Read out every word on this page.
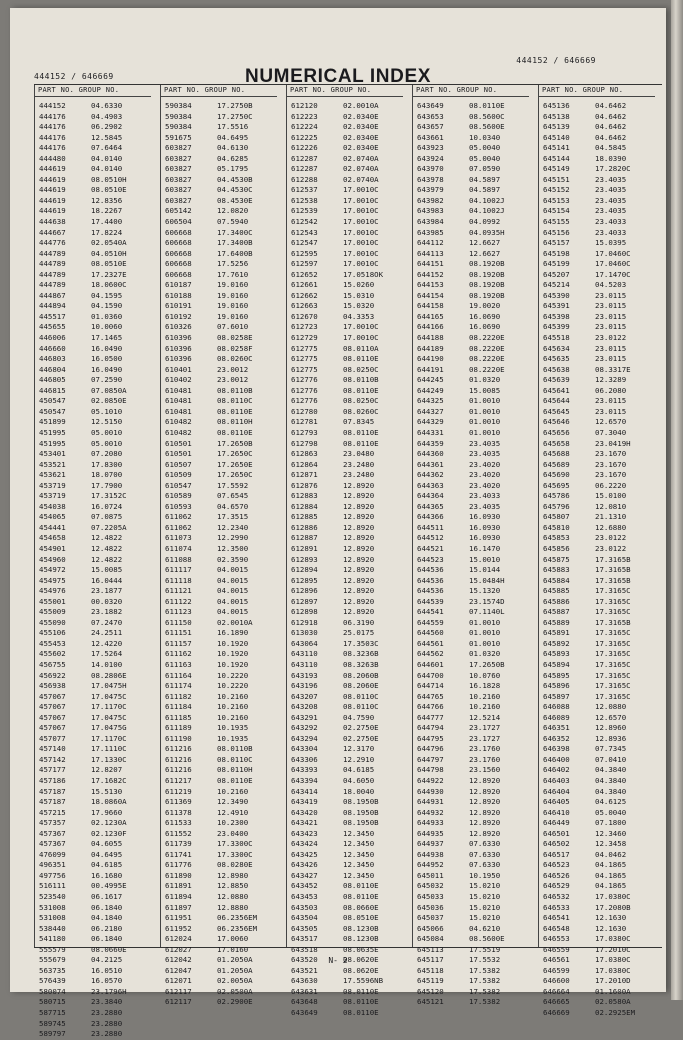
444152 / 646669
444152 / 646669
NUMERICAL INDEX
PART NO. GROUP NO.
444152	04.6330
444176	04.4903
444176	06.2902
444176	12.5845
444176	07.6464
444480	04.0140
444619	04.0140
444619	08.0510H
444619	08.0510E
444619	12.8356
444619	18.2267
444638	17.4400
444667	17.8224
444776	02.0540A
444789	04.0510H
444789	08.0510E
444789	17.2327E
444789	18.0600C
444867	04.1595
444894	04.1590
445517	01.0360
445655	10.0060
446006	17.1465
446660	16.0490
446803	16.0500
446804	16.0490
446805	07.2590
446815	07.0850A
450547	02.0850E
450547	05.1010
451899	12.5150
451995	05.0010
451995	05.0010
453401	07.2080
453521	17.8300
453621	18.0700
453719	17.7900
453719	17.3152C
454038	16.0724
454065	07.0875
454441	07.2205A
454658	12.4822
454901	12.4822
454960	12.4822
454972	15.0085
454975	16.0444
454976	23.1877
455001	00.0320
455009	23.1882
455090	07.2470
455106	24.2511
455453	12.4220
455602	17.5264
456755	14.0100
456922	08.2806E
456938	17.0475H
457067	17.0475C
457067	17.1170C
457067	17.0475C
457067	17.0475G
457077	17.1170C
457140	17.1110C
457142	17.1330C
457177	12.8207
457186	17.1682C
457187	15.5130
457187	18.0860A
457215	17.9660
457357	02.1230A
457367	02.1230F
457367	04.6055
476099	04.6495
496351	04.6185
497756	16.1680
516111	00.4995E
523540	06.1617
531008	06.1840
531008	04.1840
538440	06.2180
541180	06.1840
555579	08.0660E
555679	04.2125
563735	16.0510
576439	16.0570
580074	23.1796H
580715	23.3840
587715	23.2880
589745	23.2880
589797	23.2880
PART NO. GROUP NO.
590384	17.2750B
590384	17.2750C
590384	17.5516
591675	04.6495
603827	04.6130
603827	04.6285
603827	05.1795
603827	04.4530B
603827	04.4530C
603827	08.4530E
605142	12.0820
606504	07.5940
606668	17.3400C
606668	17.3400B
606668	17.6400B
606668	17.5256
606668	17.7610
610187	19.0160
610188	19.0160
610191	19.0160
610192	19.0160
610326	07.6010
610396	08.0258E
610396	08.0258F
610396	08.0260C
610401	23.0012
610402	23.0012
610481	08.0110B
610481	08.0110C
610481	08.0110E
610482	08.0110H
610482	08.0110E
610501	17.2650B
610501	17.2650C
610507	17.2650E
610509	17.2650C
610547	17.5592
610589	07.6545
610593	04.6570
611062	17.3515
611062	12.2340
611073	12.2990
611074	12.3500
611088	02.3590
611117	04.0015
611118	04.0015
611121	04.0015
611122	04.0015
611123	04.0015
611150	02.0010A
611151	16.1890
611157	10.1920
611162	10.1920
611163	10.1920
611164	10.2220
611174	10.2220
611182	10.2160
611184	10.2160
611185	10.2160
611189	10.1935
611190	10.1935
611216	08.0110B
611216	08.0110C
611216	08.0110H
611217	08.0110E
611219	10.2160
611369	12.3490
611378	12.4910
611533	10.2300
611552	23.0400
611739	17.3300C
611741	17.3300C
611776	08.0280E
611890	12.8980
611891	12.8850
611894	12.0880
611897	12.8880
611951	06.2356EM
611952	06.2356EM
612024	17.0060
612027	17.0160
612042	01.2050A
612047	01.2050A
612071	02.0050A
612117	02.0500A
612117	02.2900E
PART NO. GROUP NO.
612120	02.0010A
612223	02.0340E
612224	02.0340E
612225	02.0340E
612226	02.0340E
612287	02.0740A
612287	02.0740A
612288	02.0740A
612537	17.0010C
612538	17.0010C
612539	17.0010C
612542	17.0010C
612543	17.0010C
612547	17.0010C
612595	17.0010C
612597	17.0010C
612652	17.0518OK
612661	15.0260
612662	15.0310
612663	15.0320
612670	04.3353
612723	17.0010C
612729	17.0010C
612775	08.0110A
612775	08.0110E
612775	08.0250C
612776	08.0110B
612776	08.0110E
612776	08.0250C
612780	08.0260C
612781	07.8345
612793	08.0110E
612798	08.0110E
612863	23.0480
612864	23.2480
612871	23.2480
612876	12.8920
612883	12.8920
612884	12.8920
612885	12.8920
612886	12.8920
612887	12.8920
612891	12.8920
612893	12.8920
612894	12.8920
612895	12.8920
612896	12.8920
612897	12.8920
612898	12.8920
612918	06.3190
613030	25.0175
643064	17.3503C
643110	08.3236B
643110	08.3263B
643193	08.2060B
643196	08.2060E
643207	08.0110C
643208	08.0110C
643291	04.7590
643292	02.2750E
643294	02.2750E
643304	12.3170
643306	12.2910
643393	04.6185
643394	04.6050
643414	18.0040
643419	08.1950B
643420	08.1950B
643421	08.1950B
643423	12.3450
643424	12.3450
643425	12.3450
643426	12.3450
643427	12.3450
643452	08.0110E
643453	08.0110E
643503	08.0660E
643504	08.0510E
643505	08.1230B
643517	08.1230B
643518	08.0635E
643520	08.0620E
643521	08.0620E
643630	17.5596NB
643631	08.0110E
643648	08.0110E
643649	08.0110E
PART NO. GROUP NO.
643649	08.0110E
643653	08.5600C
643657	08.5600E
643661	10.0340
643923	05.0040
643924	05.0040
643970	07.0590
643978	04.5897
643979	04.5897
643982	04.1002J
643983	04.1002J
643984	04.0992
643985	04.0935H
644112	12.6627
644113	12.6627
644151	08.1920B
644152	08.1920B
644153	08.1920B
644154	08.1920B
644158	19.0020
644165	16.0690
644166	16.0690
644188	08.2220E
644189	08.2220E
644190	08.2220E
644191	08.2220E
644245	01.0320
644249	15.0085
644325	01.0010
644327	01.0010
644329	01.0010
644331	01.0010
644359	23.4035
644360	23.4035
644361	23.4020
644362	23.4020
644363	23.4020
644364	23.4033
644365	23.4035
644366	16.0930
644511	16.0930
644512	16.0930
644521	16.1470
644523	15.0010
644536	15.0144
644536	15.0484H
644536	15.1320
644539	23.1574D
644541	07.1140L
644559	01.0010
644560	01.0010
644561	01.0010
644562	01.0320
644601	17.2650B
644700	10.0760
644714	16.1828
644765	10.2160
644766	10.2160
644777	12.5214
644794	23.1727
644795	23.1727
644796	23.1760
644797	23.1760
644798	23.1560
644922	12.8920
644930	12.8920
644931	12.8920
644932	12.8920
644933	12.8920
644935	12.8920
644937	07.6330
644938	07.6330
644952	07.6330
645011	10.1950
645032	15.0210
645033	15.0210
645036	15.0210
645037	15.0210
645066	04.6210
645084	08.5600E
645113	17.5519
645117	17.5532
645118	17.5382
645119	17.5382
645120	17.5382
645121	17.5382
PART NO. GROUP NO.
645136	04.6462
645138	04.6462
645139	04.6462
645140	04.6462
645141	04.5845
645144	18.0390
645149	17.2820C
645151	23.4035
645152	23.4035
645153	23.4035
645154	23.4035
645155	23.4033
645156	23.4033
645157	15.0395
645198	17.0460C
645199	17.0460C
645207	17.1470C
645214	04.5203
645390	23.0115
645391	23.0115
645398	23.0115
645399	23.0115
645518	23.0122
645634	23.0115
645635	23.0115
645638	08.3317E
645639	12.3289
645641	06.2080
645644	23.0115
645645	23.0115
645646	12.6570
645656	07.3040
645658	23.0419H
645688	23.1670
645689	23.1670
645690	23.1670
645695	06.2220
645786	15.0100
645796	12.0810
645807	21.1310
645810	12.6880
645853	23.0122
645856	23.0122
645875	17.3165B
645883	17.3165B
645884	17.3165B
645885	17.3165C
645886	17.3165C
645887	17.3165C
645889	17.3165B
645891	17.3165C
645892	17.3165C
645893	17.3165C
645894	17.3165C
645895	17.3165C
645896	17.3165C
645897	17.3165C
646088	12.0880
646089	12.6570
646351	12.8960
646352	12.8936
646398	07.7345
646400	07.0410
646402	04.3840
646403	04.3840
646404	04.3840
646405	04.6125
646410	05.0040
646449	07.1800
646501	12.3460
646502	12.3458
646517	04.0462
646523	04.1865
646526	04.1865
646529	04.1865
646532	17.0380C
646533	17.2080B
646541	12.1630
646548	12.1630
646553	17.0380C
646559	17.2010C
646561	17.0380C
646599	17.0380C
646600	17.2010D
646664	01.1600A
646665	02.0580A
646669	02.2925EM
N- 2
